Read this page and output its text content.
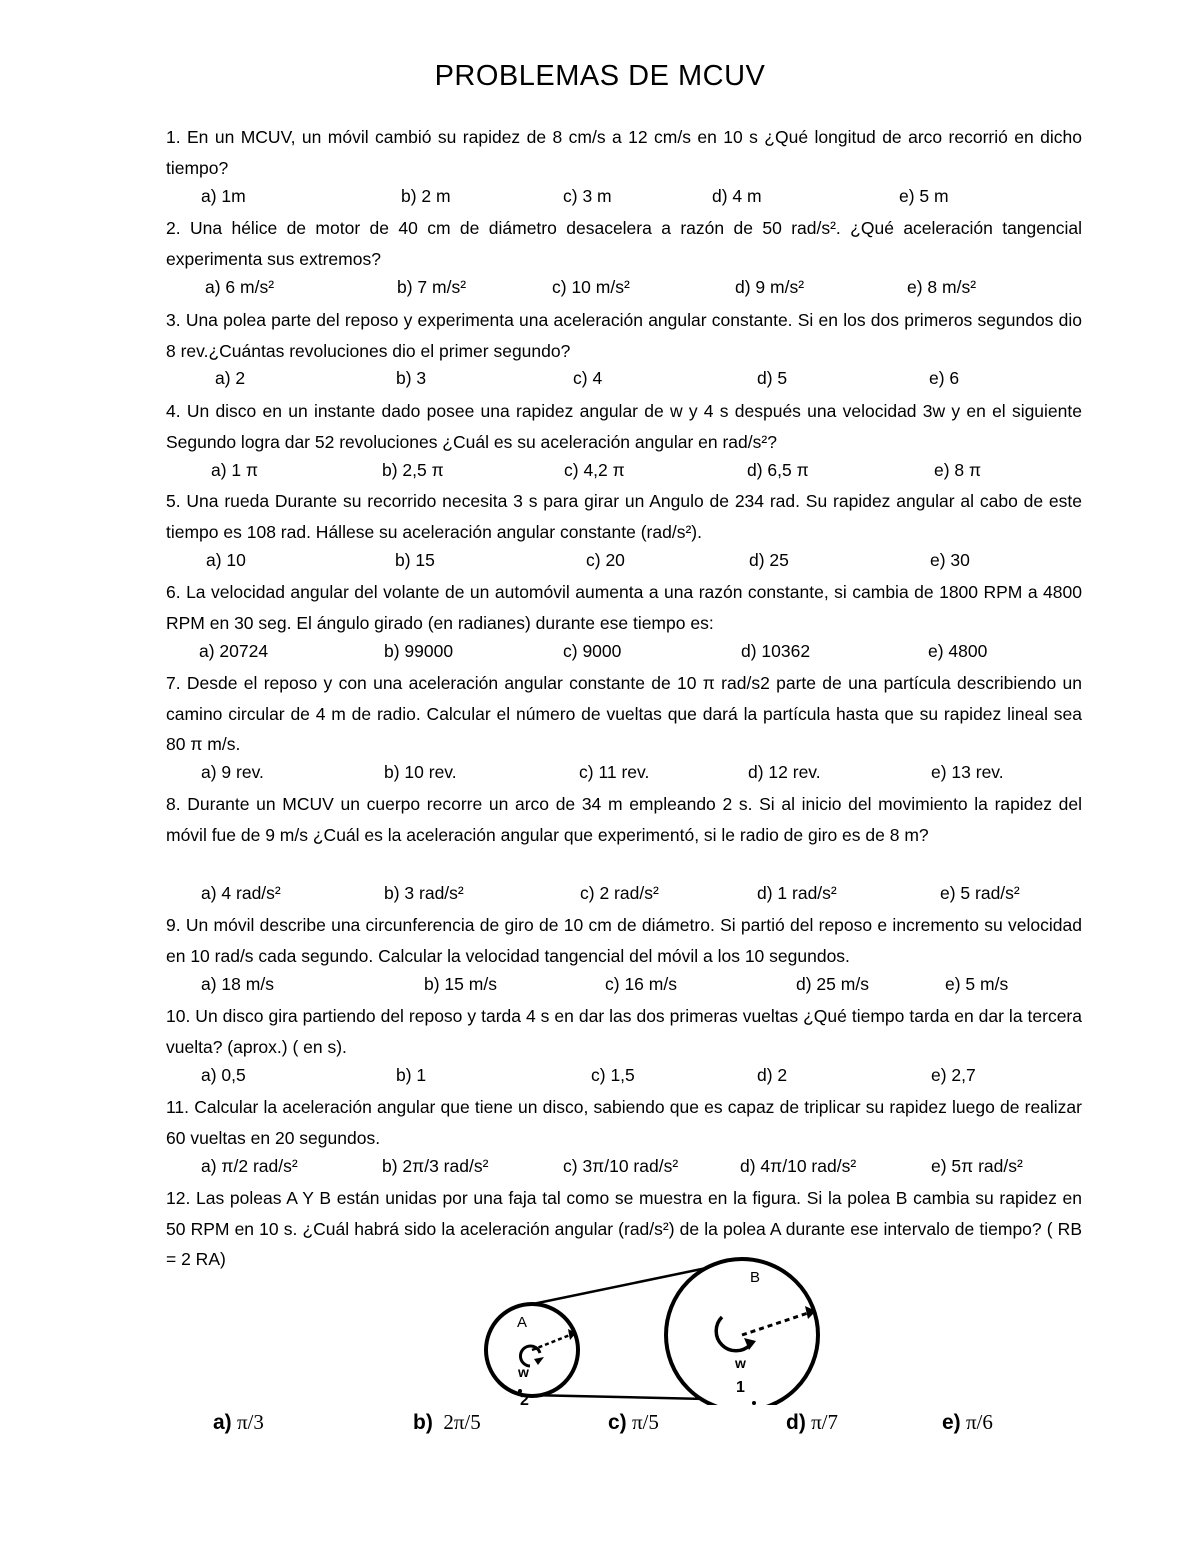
PROBLEMAS DE MCUV
1. En un MCUV, un móvil cambió su rapidez de 8 cm/s a 12 cm/s en 10 s ¿Qué longitud de arco recorrió en dicho tiempo?
a) 1m	b) 2 m	c) 3 m	d) 4 m	e) 5 m
2. Una hélice de motor de 40 cm de diámetro desacelera a razón de 50 rad/s². ¿Qué aceleración tangencial experimenta sus extremos?
a) 6 m/s²	b) 7 m/s²	c) 10 m/s²	d) 9 m/s²	e) 8 m/s²
3. Una polea parte del reposo y experimenta una aceleración angular constante. Si en los dos primeros segundos dio 8 rev.¿Cuántas revoluciones dio el primer segundo?
a) 2	b) 3	c) 4	d) 5	e) 6
4. Un disco en un instante dado posee una rapidez angular de w y 4 s después una velocidad 3w y en el siguiente Segundo logra dar 52 revoluciones ¿Cuál es su aceleración angular en rad/s²?
a) 1 π	b) 2,5 π	c) 4,2 π	d) 6,5 π	e) 8 π
5. Una rueda Durante su recorrido necesita 3 s para girar un Angulo de 234 rad. Su rapidez angular al cabo de este tiempo es 108 rad. Hállese su aceleración angular constante (rad/s²).
a) 10	b) 15	c) 20	d) 25	e) 30
6. La velocidad angular del volante de un automóvil aumenta a una razón constante, si cambia de 1800 RPM a 4800 RPM en 30 seg. El ángulo girado (en radianes) durante ese tiempo es:
a) 20724	b) 99000	c) 9000	d) 10362	e) 4800
7. Desde el reposo y con una aceleración angular constante de 10 π rad/s2 parte de una partícula describiendo un camino circular de 4 m de radio. Calcular el número de vueltas que dará la partícula hasta que su rapidez lineal sea 80 π m/s.
a) 9 rev.	b) 10 rev.	c) 11 rev.	d) 12 rev.	e) 13 rev.
8. Durante un MCUV un cuerpo recorre un arco de 34 m empleando 2 s. Si al inicio del movimiento la rapidez del móvil fue de 9 m/s ¿Cuál es la aceleración angular que experimentó, si le radio de giro es de 8 m?
a) 4 rad/s²	b) 3 rad/s²	c) 2 rad/s²	d) 1 rad/s²	e) 5 rad/s²
9. Un móvil describe una circunferencia de giro de 10 cm de diámetro. Si partió del reposo e incremento su velocidad en 10 rad/s cada segundo. Calcular la velocidad tangencial del móvil a los 10 segundos.
a) 18 m/s	b) 15 m/s	c) 16 m/s	d) 25 m/s	e) 5 m/s
10. Un disco gira partiendo del reposo y tarda 4 s en dar las dos primeras vueltas ¿Qué tiempo tarda en dar la tercera vuelta? (aprox.) ( en s).
a) 0,5	b) 1	c) 1,5	d) 2	e) 2,7
11. Calcular la aceleración angular que tiene un disco, sabiendo que es capaz de triplicar su rapidez luego de realizar 60 vueltas en 20 segundos.
a) π/2 rad/s²	b) 2π/3 rad/s²	c) 3π/10 rad/s²	d) 4π/10 rad/s²	e) 5π rad/s²
12. Las poleas A Y B están unidas por una faja tal como se muestra en la figura. Si la polea B cambia su rapidez en 50 RPM en 10 s. ¿Cuál habrá sido la aceleración angular (rad/s²) de la polea A durante ese intervalo de tiempo? ( RB = 2 RA)
A
B
w
w
1
2
a) π/3	b) 2π/5	c) π/5	d) π/7	e) π/6
